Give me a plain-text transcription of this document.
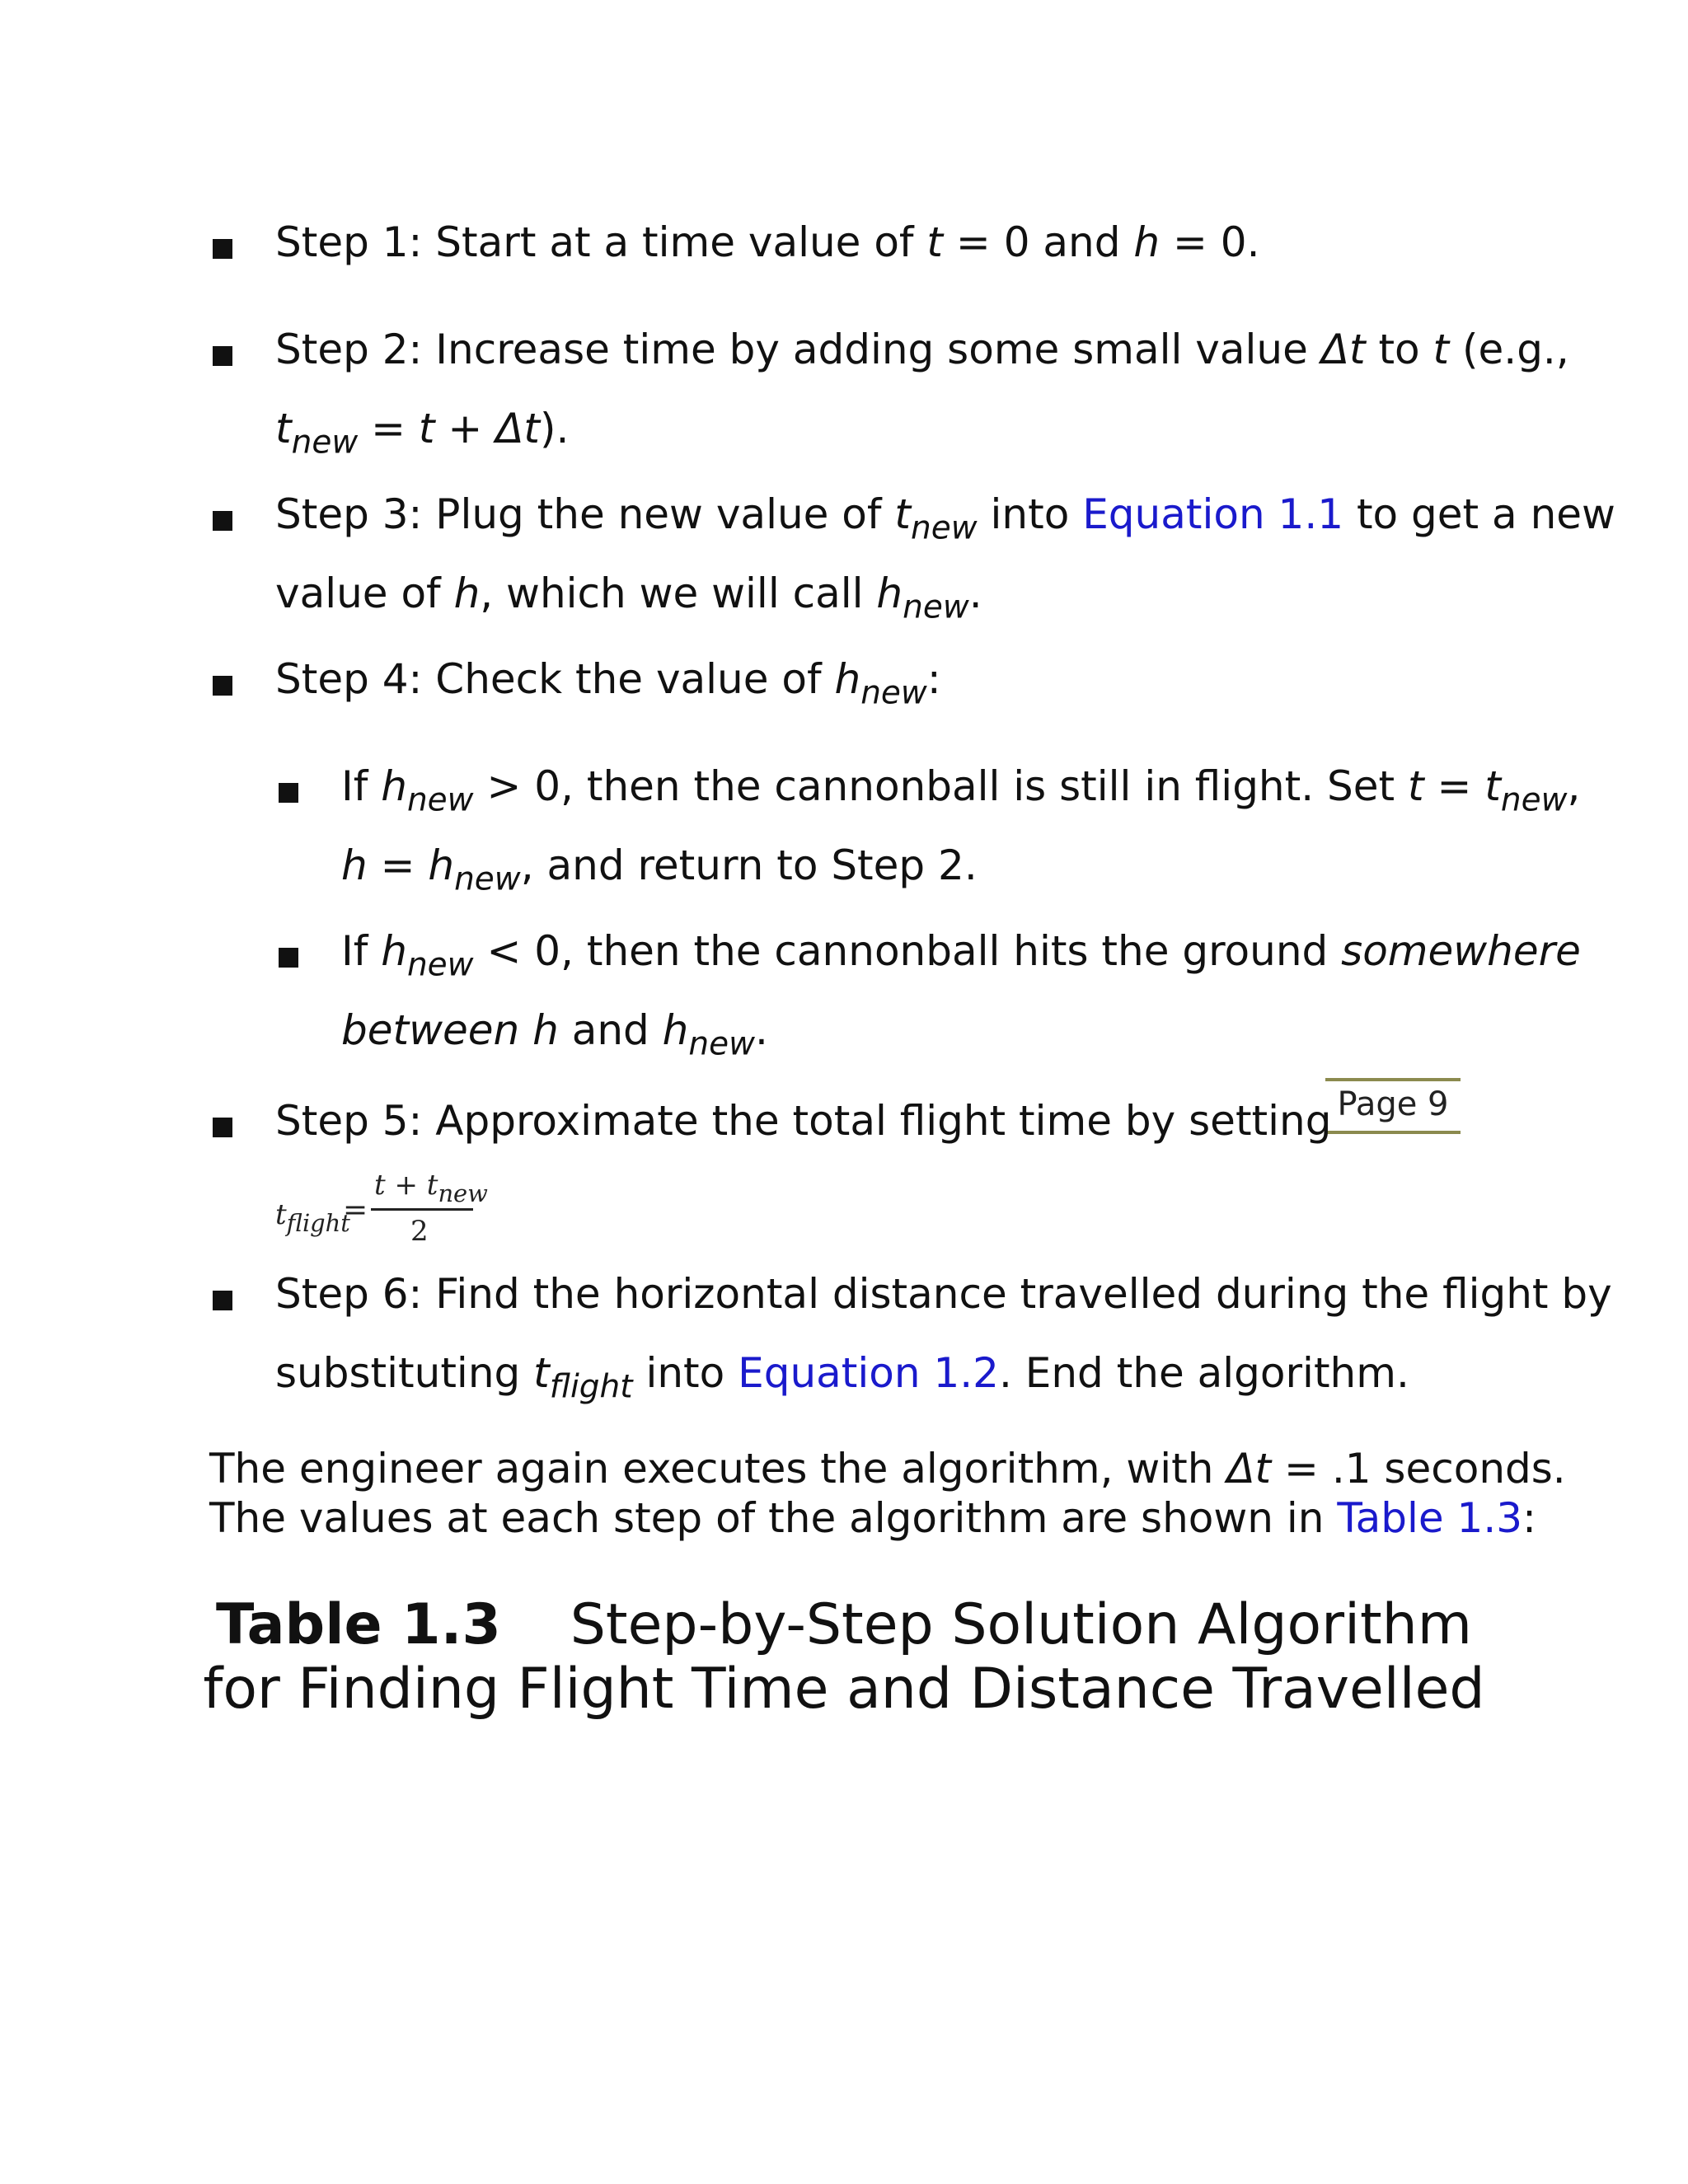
Step 1: Start at a time value of t = 0 and h = 0.
Step 2: Increase time by adding some small value Δt to t (e.g.,
$t_{new} = t + \Delta t$).
Step 3: Plug the new value of $t_{new}$ into Equation 1.1 to get a new
value of h, which we will call $h_{new}$.
Step 4: Check the value of $h_{new}$:
If $h_{new} > 0$, then the cannonball is still in flight. Set $t = t_{new}$,
$h = h_{new}$, and return to Step 2.
If $h_{new} < 0$, then the cannonball hits the ground somewhere
between h and $h_{new}$.
Page 9
Step 5: Approximate the total flight time by setting
$t_{flight}$
=
$t + t_{new}$
2
Step 6: Find the horizontal distance travelled during the flight by
substituting $t_{flight}$ into Equation 1.2. End the algorithm.
The engineer again executes the algorithm, with Δt = .1 seconds.
The values at each step of the algorithm are shown in Table 1.3:
Table 1.3 Step-by-Step Solution Algorithm
for Finding Flight Time and Distance Travelled
